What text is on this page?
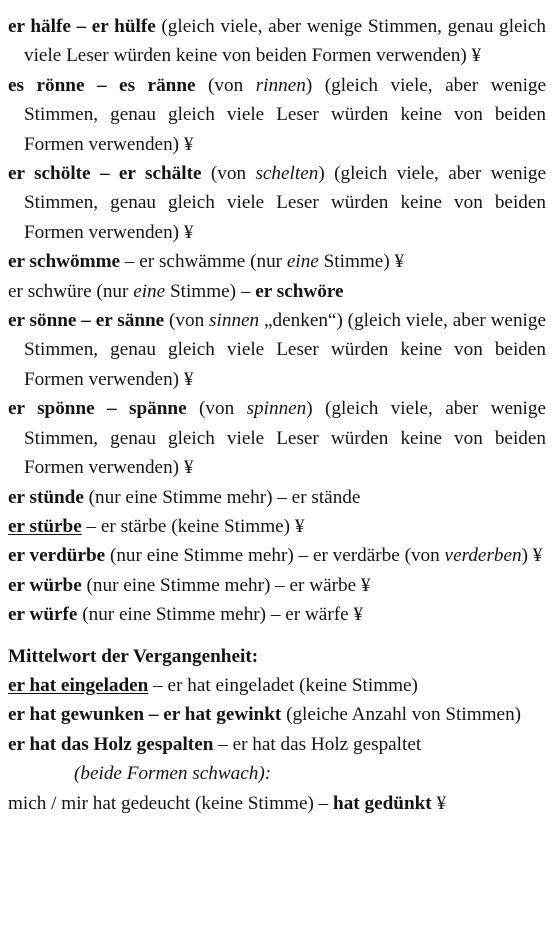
er hälfe – er hülfe (gleich viele, aber wenige Stimmen, genau gleich viele Leser würden keine von beiden Formen verwenden) ¥
es rönne – es ränne (von rinnen) (gleich viele, aber wenige Stimmen, genau gleich viele Leser würden keine von beiden Formen verwenden) ¥
er schölte – er schälte (von schelten) (gleich viele, aber wenige Stimmen, genau gleich viele Leser würden keine von beiden Formen verwenden) ¥
er schwömme – er schwämme (nur eine Stimme) ¥
er schwüre (nur eine Stimme) – er schwöre
er sönne – er sänne (von sinnen „denken“) (gleich viele, aber wenige Stimmen, genau gleich viele Leser würden keine von beiden Formen verwenden) ¥
er spönne – spänne (von spinnen) (gleich viele, aber wenige Stimmen, genau gleich viele Leser würden keine von beiden Formen verwenden) ¥
er stünde (nur eine Stimme mehr) – er stände
er stürbe – er stärbe (keine Stimme) ¥
er verdürbe (nur eine Stimme mehr) – er verdärbe (von verderben) ¥
er würbe (nur eine Stimme mehr) – er wärbe ¥
er würfe (nur eine Stimme mehr) – er wärfe ¥
Mittelwort der Vergangenheit:
er hat eingeladen – er hat eingeladet (keine Stimme)
er hat gewunken – er hat gewinkt (gleiche Anzahl von Stimmen)
er hat das Holz gespalten – er hat das Holz gespaltet
(beide Formen schwach):
mich / mir hat gedeucht (keine Stimme) – hat gedünkt ¥
